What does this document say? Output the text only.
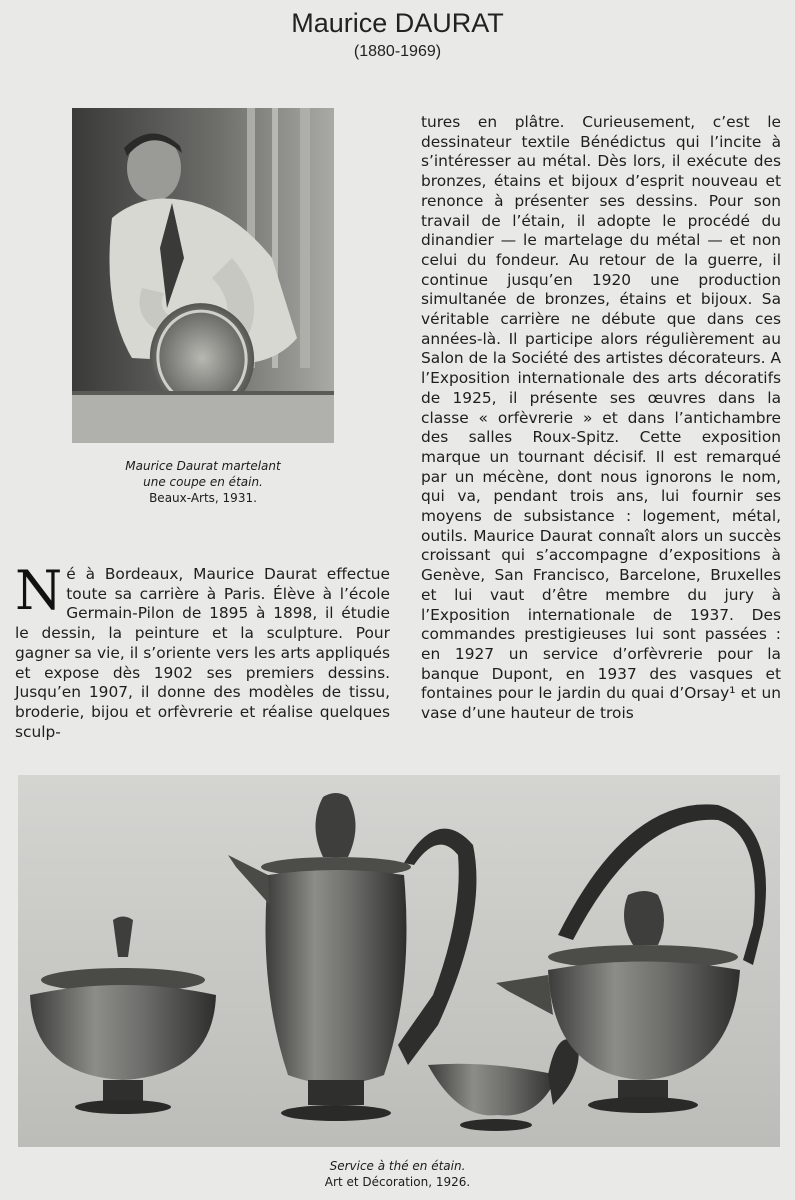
Maurice DAURAT
(1880-1969)
Maurice Daurat martelant
une coupe en étain.
Beaux-Arts, 1931.
tures en plâtre. Curieusement, c’est le dessinateur textile Bénédictus qui l’incite à s’intéresser au métal. Dès lors, il exécute des bronzes, étains et bijoux d’esprit nouveau et renonce à présenter ses dessins. Pour son travail de l’étain, il adopte le procédé du dinandier — le martelage du métal — et non celui du fondeur. Au retour de la guerre, il continue jusqu’en 1920 une production simultanée de bronzes, étains et bijoux. Sa véritable carrière ne débute que dans ces années-là. Il participe alors régulièrement au Salon de la Société des artistes décorateurs. A l’Exposition internationale des arts décoratifs de 1925, il présente ses œuvres dans la classe « orfèvrerie » et dans l’antichambre des salles Roux-Spitz. Cette exposition marque un tournant décisif. Il est remarqué par un mécène, dont nous ignorons le nom, qui va, pendant trois ans, lui fournir ses moyens de subsistance : logement, métal, outils. Maurice Daurat connaît alors un succès croissant qui s’accompagne d’expositions à Genève, San Francisco, Barcelone, Bruxelles et lui vaut d’être membre du jury à l’Exposition internationale de 1937. Des commandes prestigieuses lui sont passées : en 1927 un service d’orfèvrerie pour la banque Dupont, en 1937 des vasques et fontaines pour le jardin du quai d’Orsay¹ et un vase d’une hauteur de trois
Né à Bordeaux, Maurice Daurat effectue toute sa carrière à Paris. Élève à l’école Germain-Pilon de 1895 à 1898, il étudie le dessin, la peinture et la sculpture. Pour gagner sa vie, il s’oriente vers les arts appliqués et expose dès 1902 ses premiers dessins. Jusqu’en 1907, il donne des modèles de tissu, broderie, bijou et orfèvrerie et réalise quelques sculp-
Service à thé en étain.
Art et Décoration, 1926.
